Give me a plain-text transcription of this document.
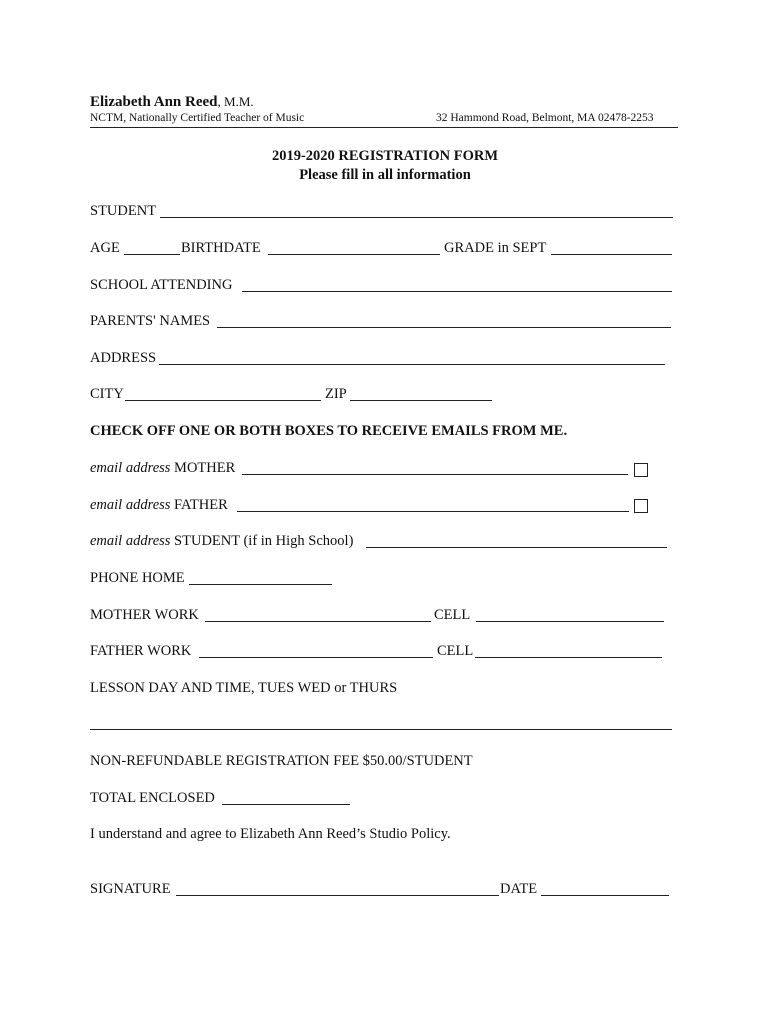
Elizabeth Ann Reed, M.M.
NCTM, Nationally Certified Teacher of Music	32 Hammond Road, Belmont, MA 02478-2253
2019-2020 REGISTRATION FORM
Please fill in all information
STUDENT
AGE	BIRTHDATE	GRADE in SEPT
SCHOOL ATTENDING
PARENTS' NAMES
ADDRESS
CITY	ZIP
CHECK OFF ONE OR BOTH BOXES TO RECEIVE EMAILS FROM ME.
email address MOTHER
email address FATHER
email address STUDENT (if in High School)
PHONE HOME
MOTHER WORK	CELL
FATHER WORK	CELL
LESSON DAY AND TIME, TUES WED or THURS
NON-REFUNDABLE REGISTRATION FEE $50.00/STUDENT
TOTAL ENCLOSED
I understand and agree to Elizabeth Ann Reed’s Studio Policy.
SIGNATURE	DATE
